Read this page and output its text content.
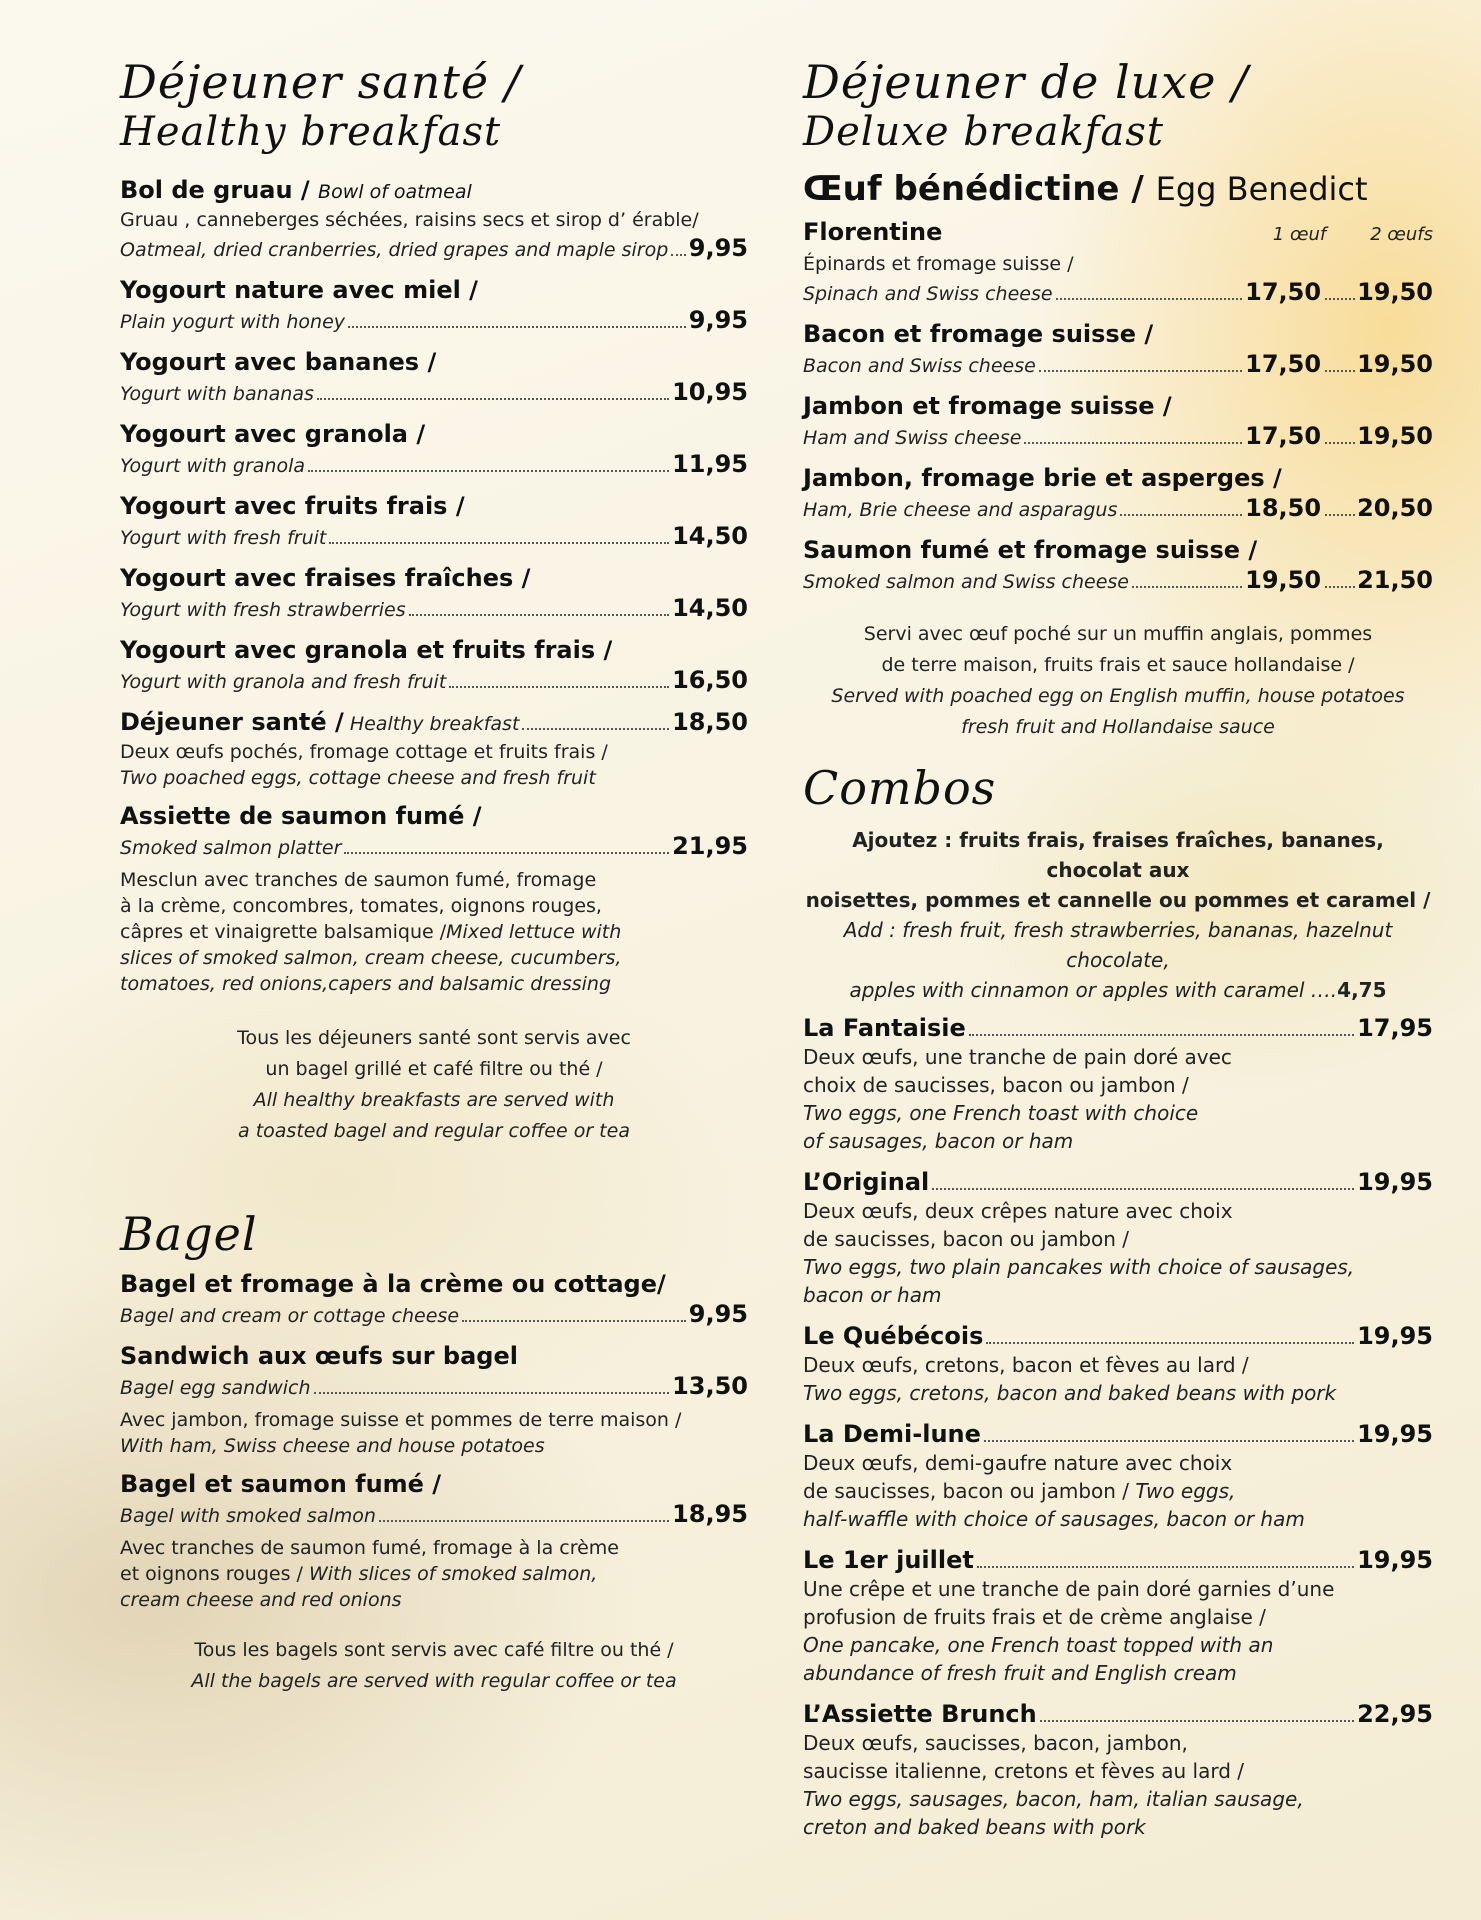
Déjeuner santé /
Healthy breakfast
Bol de gruau / Bowl of oatmeal
Gruau , canneberges séchées, raisins secs et sirop d’ érable/
Oatmeal, dried cranberries, dried grapes and maple sirop 9,95
Yogourt nature avec miel /
Plain yogurt with honey	9,95
Yogourt avec bananes /
Yogurt with bananas	10,95
Yogourt avec granola /
Yogurt with granola	11,95
Yogourt avec fruits frais /
Yogurt with fresh fruit	14,50
Yogourt avec fraises fraîches /
Yogurt with fresh strawberries	14,50
Yogourt avec granola et fruits frais /
Yogurt with granola and fresh fruit	16,50
Déjeuner santé / Healthy breakfast	18,50
Deux œufs pochés, fromage cottage et fruits frais /
Two poached eggs, cottage cheese and fresh fruit
Assiette de saumon fumé /
Smoked salmon platter	21,95
Mesclun avec tranches de saumon fumé, fromage
à la crème, concombres, tomates, oignons rouges,
câpres et vinaigrette balsamique /Mixed lettuce with
slices of smoked salmon, cream cheese, cucumbers,
tomatoes, red onions,capers and balsamic dressing
Tous les déjeuners santé sont servis avec
un bagel grillé et café filtre ou thé /
All healthy breakfasts are served with
a toasted bagel and regular coffee or tea
Bagel
Bagel et fromage à la crème ou cottage/
Bagel and cream or cottage cheese	9,95
Sandwich aux œufs sur bagel
Bagel egg sandwich	13,50
Avec jambon, fromage suisse et pommes de terre maison /
With ham, Swiss cheese and house potatoes
Bagel et saumon fumé /
Bagel with smoked salmon	18,95
Avec tranches de saumon fumé, fromage à la crème
et oignons rouges / With slices of smoked salmon,
cream cheese and red onions
Tous les bagels sont servis avec café filtre ou thé /
All the bagels are served with regular coffee or tea
Déjeuner de luxe /
Deluxe breakfast
Œuf bénédictine / Egg Benedict
Florentine	1 œuf 2 œufs
Épinards et fromage suisse /
Spinach and Swiss cheese	17,50 19,50
Bacon et fromage suisse /
Bacon and Swiss cheese	17,50 19,50
Jambon et fromage suisse /
Ham and Swiss cheese	17,50 19,50
Jambon, fromage brie et asperges /
Ham, Brie cheese and asparagus	18,50 20,50
Saumon fumé et fromage suisse /
Smoked salmon and Swiss cheese	19,50 21,50
Servi avec œuf poché sur un muffin anglais, pommes
de terre maison, fruits frais et sauce hollandaise /
Served with poached egg on English muffin, house potatoes
fresh fruit and Hollandaise sauce
Combos
Ajoutez : fruits frais, fraises fraîches, bananes, chocolat aux
noisettes, pommes et cannelle ou pommes et caramel /
Add : fresh fruit, fresh strawberries, bananas, hazelnut chocolate,
apples with cinnamon or apples with caramel ….4,75
La Fantaisie	17,95
Deux œufs, une tranche de pain doré avec
choix de saucisses, bacon ou jambon /
Two eggs, one French toast with choice
of sausages, bacon or ham
L’Original	19,95
Deux œufs, deux crêpes nature avec choix
de saucisses, bacon ou jambon /
Two eggs, two plain pancakes with choice of sausages,
bacon or ham
Le Québécois	19,95
Deux œufs, cretons, bacon et fèves au lard /
Two eggs, cretons, bacon and baked beans with pork
La Demi-lune	19,95
Deux œufs, demi-gaufre nature avec choix
de saucisses, bacon ou jambon / Two eggs,
half-waffle with choice of sausages, bacon or ham
Le 1er juillet	19,95
Une crêpe et une tranche de pain doré garnies d’une
profusion de fruits frais et de crème anglaise /
One pancake, one French toast topped with an
abundance of fresh fruit and English cream
L’Assiette Brunch	22,95
Deux œufs, saucisses, bacon, jambon,
saucisse italienne, cretons et fèves au lard /
Two eggs, sausages, bacon, ham, italian sausage,
creton and baked beans with pork
